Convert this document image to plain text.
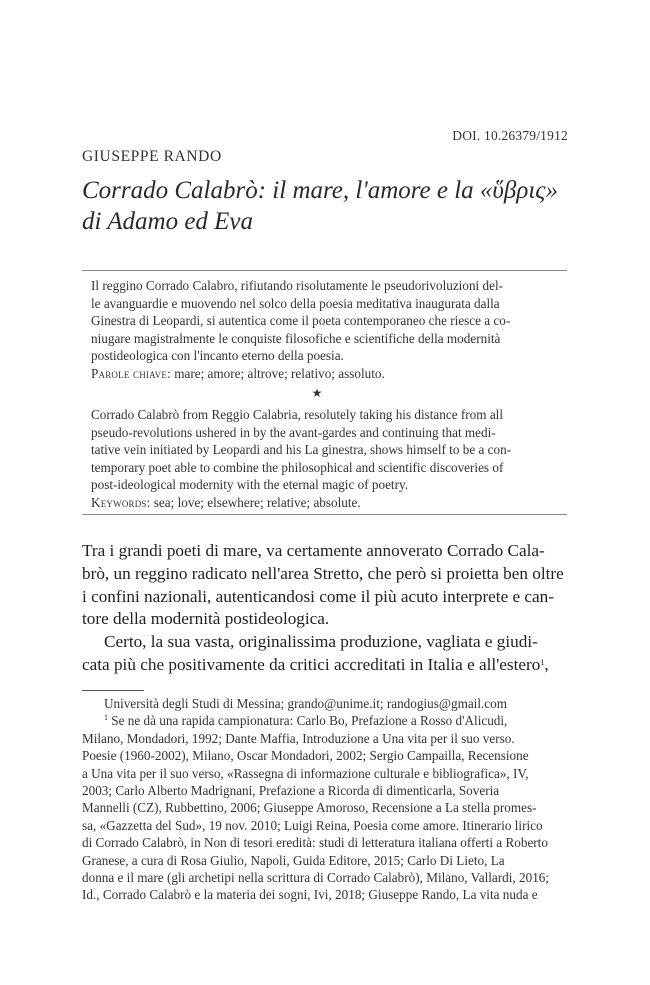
DOI. 10.26379/1912
GIUSEPPE RANDO
Corrado Calabrò: il mare, l'amore e la «ὕβρις»
di Adamo ed Eva
Il reggino Corrado Calabro, rifiutando risolutamente le pseudorivoluzioni del-
le avanguardie e muovendo nel solco della poesia meditativa inaugurata dalla
Ginestra di Leopardi, si autentica come il poeta contemporaneo che riesce a co-
niugare magistralmente le conquiste filosofiche e scientifiche della modernità
postideologica con l'incanto eterno della poesia.
Parole chiave: mare; amore; altrove; relativo; assoluto.
★
Corrado Calabrò from Reggio Calabria, resolutely taking his distance from all
pseudo-revolutions ushered in by the avant-gardes and continuing that medi-
tative vein initiated by Leopardi and his La ginestra, shows himself to be a con-
temporary poet able to combine the philosophical and scientific discoveries of
post-ideological modernity with the eternal magic of poetry.
Keywords: sea; love; elsewhere; relative; absolute.
Tra i grandi poeti di mare, va certamente annoverato Corrado Cala-
brò, un reggino radicato nell'area Stretto, che però si proietta ben oltre
i confini nazionali, autenticandosi come il più acuto interprete e can-
tore della modernità postideologica.
Certo, la sua vasta, originalissima produzione, vagliata e giudi-
cata più che positivamente da critici accreditati in Italia e all'estero$^1$,
Università degli Studi di Messina; grando@unime.it; randogius@gmail.com
$^1$ Se ne dà una rapida campionatura: Carlo Bo, Prefazione a Rosso d'Alicudi,
Milano, Mondadori, 1992; Dante Maffia, Introduzione a Una vita per il suo verso.
Poesie (1960-2002), Milano, Oscar Mondadori, 2002; Sergio Campailla, Recensione
a Una vita per il suo verso, «Rassegna di informazione culturale e bibliografica», IV,
2003; Carlo Alberto Madrignani, Prefazione a Ricorda di dimenticarla, Soveria
Mannelli (CZ), Rubbettino, 2006; Giuseppe Amoroso, Recensione a La stella promes-
sa, «Gazzetta del Sud», 19 nov. 2010; Luigi Reina, Poesia come amore. Itinerario lirico
di Corrado Calabrò, in Non di tesori eredità: studi di letteratura italiana offerti a Roberto
Granese, a cura di Rosa Giulio, Napoli, Guida Editore, 2015; Carlo Di Lieto, La
donna e il mare (gli archetipi nella scrittura di Corrado Calabrò), Milano, Vallardi, 2016;
Id., Corrado Calabrò e la materia dei sogni, Ivi, 2018; Giuseppe Rando, La vita nuda e
